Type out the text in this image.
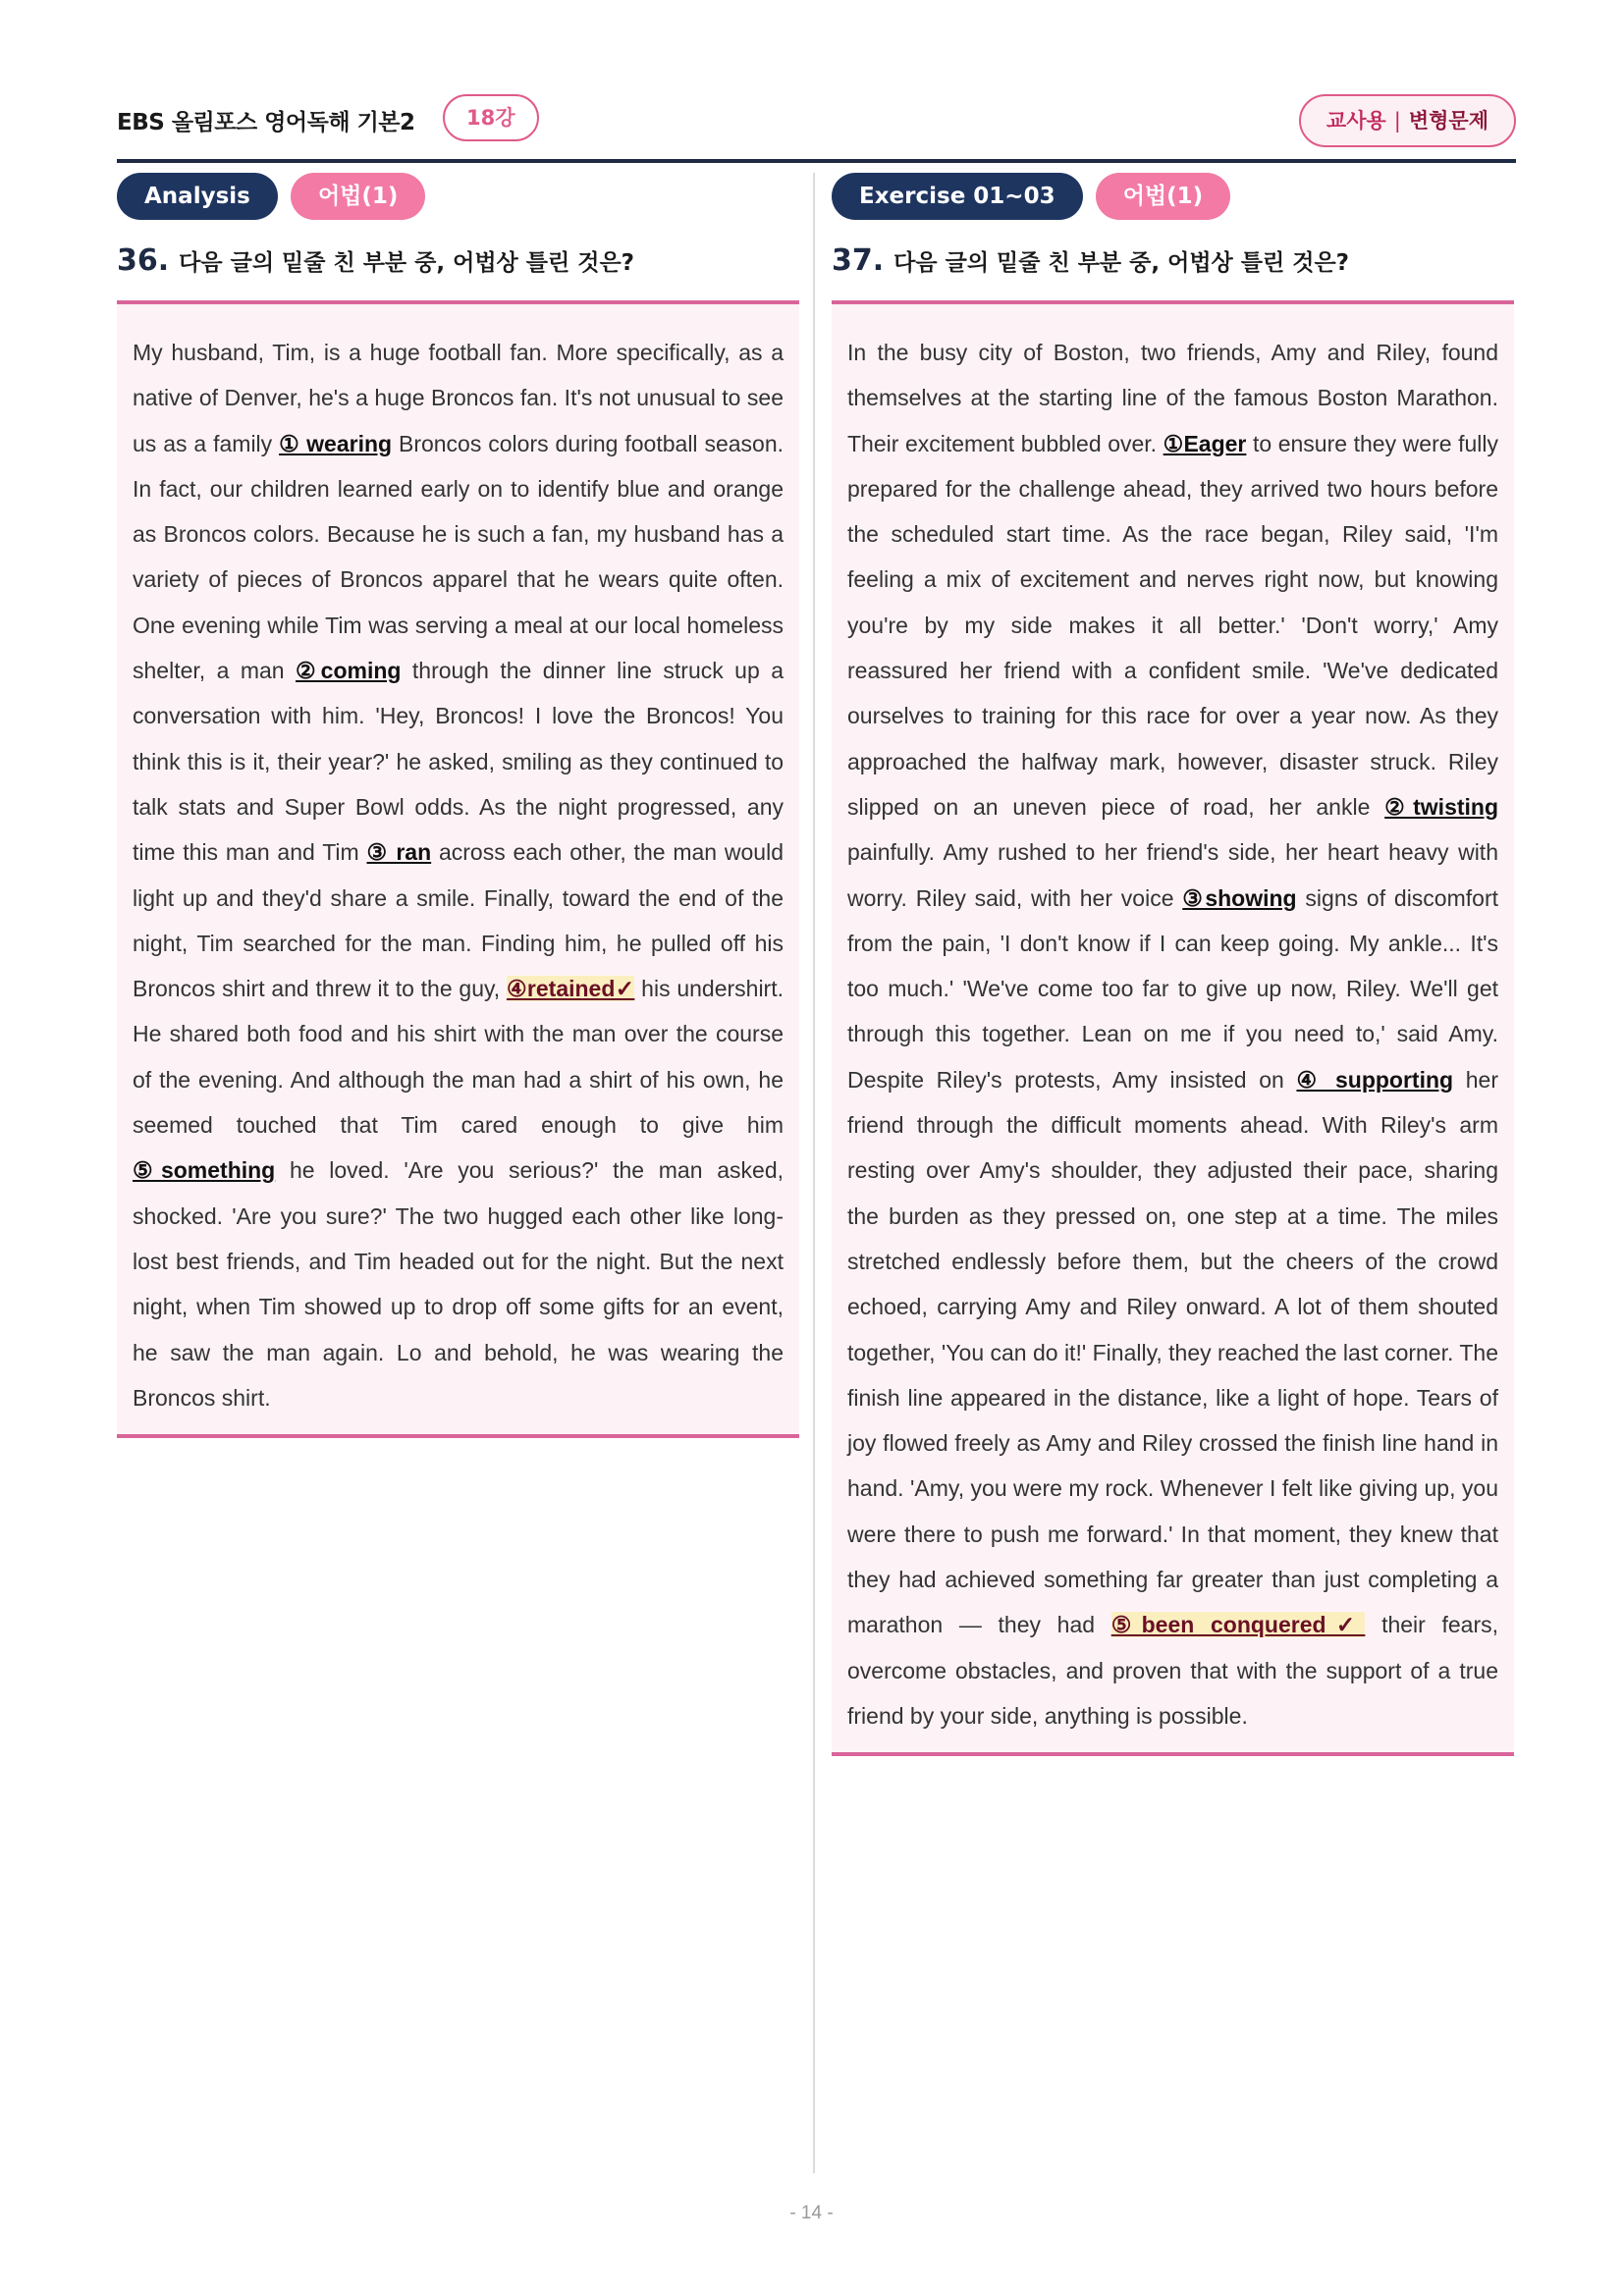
EBS 올림포스 영어독해 기본2	18강	교사용 | 변형문제
Analysis	어법(1)
36. 다음 글의 밑줄 친 부분 중, 어법상 틀린 것은?

My husband, Tim, is a huge football fan. More specifically, as a native of Denver, he's a huge Broncos fan. It's not unusual to see us as a family ① wearing Broncos colors during football season. In fact, our children learned early on to identify blue and orange as Broncos colors. Because he is such a fan, my husband has a variety of pieces of Broncos apparel that he wears quite often. One evening while Tim was serving a meal at our local homeless shelter, a man ②coming through the dinner line struck up a conversation with him. 'Hey, Broncos! I love the Broncos! You think this is it, their year?' he asked, smiling as they continued to talk stats and Super Bowl odds. As the night progressed, any time this man and Tim ③ ran across each other, the man would light up and they'd share a smile. Finally, toward the end of the night, Tim searched for the man. Finding him, he pulled off his Broncos shirt and threw it to the guy, ④retained✓ his undershirt. He shared both food and his shirt with the man over the course of the evening. And although the man had a shirt of his own, he seemed touched that Tim cared enough to give him ⑤something he loved. 'Are you serious?' the man asked, shocked. 'Are you sure?' The two hugged each other like long-lost best friends, and Tim headed out for the night. But the next night, when Tim showed up to drop off some gifts for an event, he saw the man again. Lo and behold, he was wearing the Broncos shirt.

Exercise 01~03	어법(1)
37. 다음 글의 밑줄 친 부분 중, 어법상 틀린 것은?

In the busy city of Boston, two friends, Amy and Riley, found themselves at the starting line of the famous Boston Marathon. Their excitement bubbled over. ①Eager to ensure they were fully prepared for the challenge ahead, they arrived two hours before the scheduled start time. As the race began, Riley said, 'I'm feeling a mix of excitement and nerves right now, but knowing you're by my side makes it all better.' 'Don't worry,' Amy reassured her friend with a confident smile. 'We've dedicated ourselves to training for this race for over a year now. As they approached the halfway mark, however, disaster struck. Riley slipped on an uneven piece of road, her ankle ②twisting painfully. Amy rushed to her friend's side, her heart heavy with worry. Riley said, with her voice ③showing signs of discomfort from the pain, 'I don't know if I can keep going. My ankle... It's too much.' 'We've come too far to give up now, Riley. We'll get through this together. Lean on me if you need to,' said Amy. Despite Riley's protests, Amy insisted on ④ supporting her friend through the difficult moments ahead. With Riley's arm resting over Amy's shoulder, they adjusted their pace, sharing the burden as they pressed on, one step at a time. The miles stretched endlessly before them, but the cheers of the crowd echoed, carrying Amy and Riley onward. A lot of them shouted together, 'You can do it!' Finally, they reached the last corner. The finish line appeared in the distance, like a light of hope. Tears of joy flowed freely as Amy and Riley crossed the finish line hand in hand. 'Amy, you were my rock. Whenever I felt like giving up, you were there to push me forward.' In that moment, they knew that they had achieved something far greater than just completing a marathon — they had ⑤been conquered✓ their fears, overcome obstacles, and proven that with the support of a true friend by your side, anything is possible.

- 14 -
